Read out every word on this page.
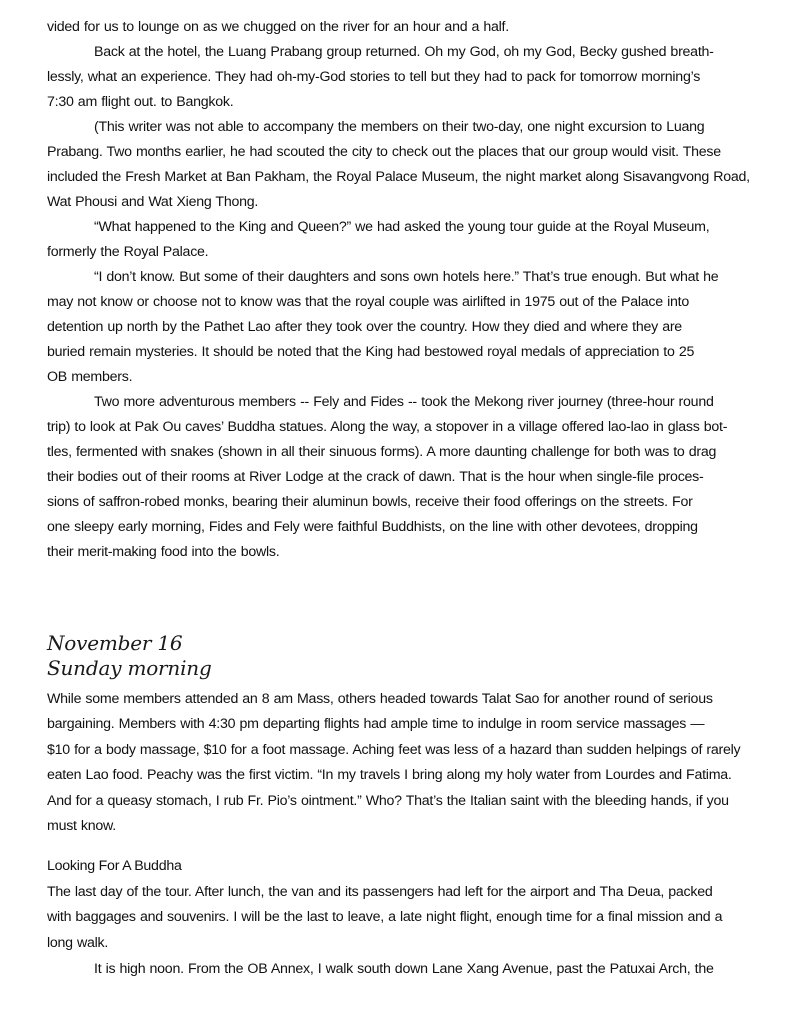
vided for us to lounge on as we chugged on the river for an hour and a half.
Back at the hotel, the Luang Prabang group returned. Oh my God, oh my God, Becky gushed breath-
lessly, what an experience. They had oh-my-God stories to tell but they had to pack for tomorrow morning’s
7:30 am flight out. to Bangkok.
(This writer was not able to accompany the members on their two-day, one night excursion to Luang
Prabang. Two months earlier, he had scouted the city to check out the places that our group would visit. These
included the Fresh Market at Ban Pakham, the Royal Palace Museum, the night market along Sisavangvong Road,
Wat Phousi and Wat Xieng Thong.
“What happened to the King and Queen?” we had asked the young tour guide at the Royal Museum,
formerly the Royal Palace.
“I don’t know. But some of their daughters and sons own hotels here.” That’s true enough. But what he
may not know or choose not to know was that the royal couple was airlifted in 1975 out of the Palace into
detention up north by the Pathet Lao after they took over the country. How they died and where they are
buried remain mysteries. It should be noted that the King had bestowed royal medals of appreciation to 25
OB members.
Two more adventurous members -- Fely and Fides -- took the Mekong river journey (three-hour round
trip) to look at Pak Ou caves’ Buddha statues. Along the way, a stopover in a village offered lao-lao in glass bot-
tles, fermented with snakes (shown in all their sinuous forms). A more daunting challenge for both was to drag
their bodies out of their rooms at River Lodge at the crack of dawn. That is the hour when single-file proces-
sions of saffron-robed monks, bearing their aluminun bowls, receive their food offerings on the streets. For
one sleepy early morning, Fides and Fely were faithful Buddhists, on the line with other devotees, dropping
their merit-making food into the bowls.
November 16
Sunday morning
While some members attended an 8 am Mass, others headed towards Talat Sao for another round of serious
bargaining. Members with 4:30 pm departing flights had ample time to indulge in room service massages —
$10 for a body massage, $10 for a foot massage. Aching feet was less of a hazard than sudden helpings of rarely
eaten Lao food. Peachy was the first victim. “In my travels I bring along my holy water from Lourdes and Fatima.
And for a queasy stomach, I rub Fr. Pio’s ointment.” Who? That’s the Italian saint with the bleeding hands, if you
must know.
Looking For A Buddha
The last day of the tour. After lunch, the van and its passengers had left for the airport and Tha Deua, packed
with baggages and souvenirs. I will be the last to leave, a late night flight, enough time for a final mission and a
long walk.
It is high noon. From the OB Annex, I walk south down Lane Xang Avenue, past the Patuxai Arch, the
